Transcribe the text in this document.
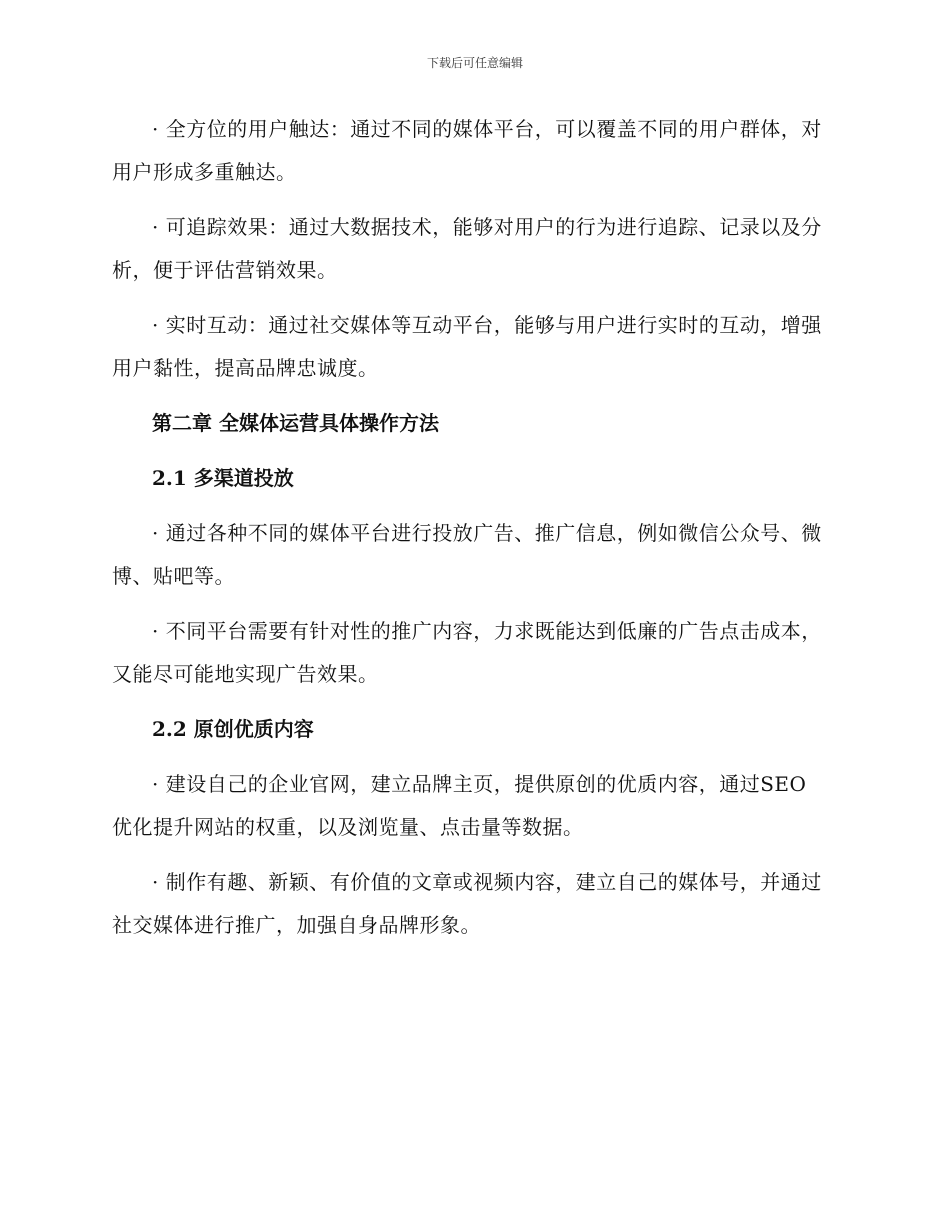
下载后可任意编辑

· 全方位的用户触达：通过不同的媒体平台，可以覆盖不同的用户群体，对用户形成多重触达。

· 可追踪效果：通过大数据技术，能够对用户的行为进行追踪、记录以及分析，便于评估营销效果。

· 实时互动：通过社交媒体等互动平台，能够与用户进行实时的互动，增强用户黏性，提高品牌忠诚度。

第二章 全媒体运营具体操作方法
2.1 多渠道投放

· 通过各种不同的媒体平台进行投放广告、推广信息，例如微信公众号、微博、贴吧等。

· 不同平台需要有针对性的推广内容，力求既能达到低廉的广告点击成本，又能尽可能地实现广告效果。

2.2 原创优质内容

· 建设自己的企业官网，建立品牌主页，提供原创的优质内容，通过SEO 优化提升网站的权重，以及浏览量、点击量等数据。

· 制作有趣、新颖、有价值的文章或视频内容，建立自己的媒体号，并通过社交媒体进行推广，加强自身品牌形象。
